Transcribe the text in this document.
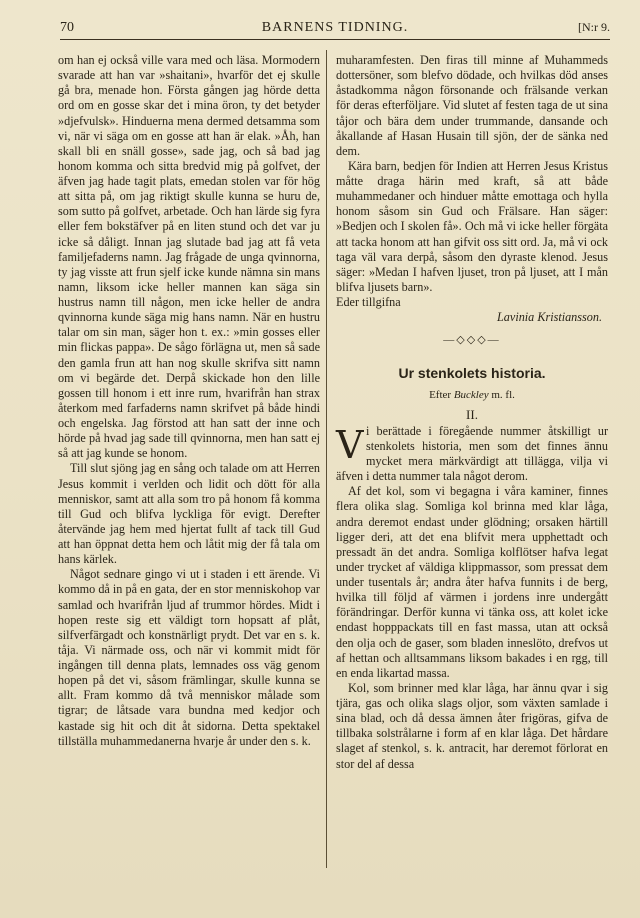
70	BARNENS TIDNING.	[N:r 9.

om han ej också ville vara med och läsa. Mormodern svarade att han var »shaitani», hvarför det ej skulle gå bra, menade hon. Första gången jag hörde detta ord om en gosse skar det i mina öron, ty det betyder »djefvulsk». Hinduerna mena dermed detsamma som vi, när vi säga om en gosse att han är elak. »Åh, han skall bli en snäll gosse», sade jag, och så bad jag honom komma och sitta bredvid mig på golfvet, der äfven jag hade tagit plats, emedan stolen var för hög att sitta på, om jag riktigt skulle kunna se huru de, som sutto på golfvet, arbetade. Och han lärde sig fyra eller fem bokstäfver på en liten stund och det var ju icke så dåligt. Innan jag slutade bad jag att få veta familjefaderns namn. Jag frågade de unga qvinnorna, ty jag visste att frun sjelf icke kunde nämna sin mans namn, liksom icke heller mannen kan säga sin hustrus namn till någon, men icke heller de andra qvinnorna kunde säga mig hans namn. När en hustru talar om sin man, säger hon t. ex.: »min gosses eller min flickas pappa». De sågo förlägna ut, men så sade den gamla frun att han nog skulle skrifva sitt namn om vi begärde det. Derpå skickade hon den lille gossen till honom i ett inre rum, hvarifrån han strax återkom med farfaderns namn skrifvet på både hindi och engelska. Jag förstod att han satt der inne och hörde på hvad jag sade till qvinnorna, men han satt ej så att jag kunde se honom.

Till slut sjöng jag en sång och talade om att Herren Jesus kommit i verlden och lidit och dött för alla menniskor, samt att alla som tro på honom få komma till Gud och blifva lyckliga för evigt. Derefter återvände jag hem med hjertat fullt af tack till Gud att han öppnat detta hem och låtit mig der få tala om hans kärlek.

Något sednare gingo vi ut i staden i ett ärende. Vi kommo då in på en gata, der en stor menniskohop var samlad och hvarifrån ljud af trummor hördes. Midt i hopen reste sig ett väldigt torn hopsatt af plåt, silfverfärgadt och konstnärligt prydt. Det var en s. k. tåja. Vi närmade oss, och när vi kommit midt för ingången till denna plats, lemnades oss väg genom hopen på det vi, såsom främlingar, skulle kunna se allt. Fram kommo då två menniskor målade som tigrar; de låtsade vara bundna med kedjor och kastade sig hit och dit åt sidorna. Detta spektakel tillställa muhammedanerna hvarje år under den s. k.

muharamfesten. Den firas till minne af Muhammeds dottersöner, som blefvo dödade, och hvilkas död anses åstadkomma någon försonande och frälsande verkan för deras efterföljare. Vid slutet af festen taga de ut sina tåjor och bära dem under trummande, dansande och åkallande af Hasan Husain till sjön, der de sänka ned dem.

Kära barn, bedjen för Indien att Herren Jesus Kristus måtte draga härin med kraft, så att både muhammedaner och hinduer måtte emottaga och hylla honom såsom sin Gud och Frälsare. Han säger: »Bedjen och I skolen få». Och må vi icke heller förgäta att tacka honom att han gifvit oss sitt ord. Ja, må vi ock taga väl vara derpå, såsom den dyraste klenod. Jesus säger: »Medan I hafven ljuset, tron på ljuset, att I mån blifva ljusets barn».

Eder tillgifna

Lavinia Kristiansson.

—◇◇◇—
Ur stenkolets historia.
Efter Buckley m. fl.
II.
V i berättade i föregående nummer åtskilligt ur stenkolets historia, men som det finnes ännu mycket mera märkvärdigt att tillägga, vilja vi äfven i detta nummer tala något derom.

Af det kol, som vi begagna i våra kaminer, finnes flera olika slag. Somliga kol brinna med klar låga, andra deremot endast under glödning; orsaken härtill ligger deri, att det ena blifvit mera upphettadt och pressadt än det andra. Somliga kolflötser hafva legat under trycket af väldiga klippmassor, som pressat dem under tusentals år; andra åter hafva funnits i de berg, hvilka till följd af värmen i jordens inre undergått förändringar. Derför kunna vi tänka oss, att kolet icke endast hopppackats till en fast massa, utan att också den olja och de gaser, som bladen inneslöto, drefvos ut af hettan och alltsammans liksom bakades i en rgg, till en enda likartad massa.

Kol, som brinner med klar låga, har ännu qvar i sig tjära, gas och olika slags oljor, som växten samlade i sina blad, och då dessa ämnen åter frigöras, gifva de tillbaka solstrålarne i form af en klar låga. Det hårdare slaget af stenkol, s. k. antracit, har deremot förlorat en stor del af dessa
